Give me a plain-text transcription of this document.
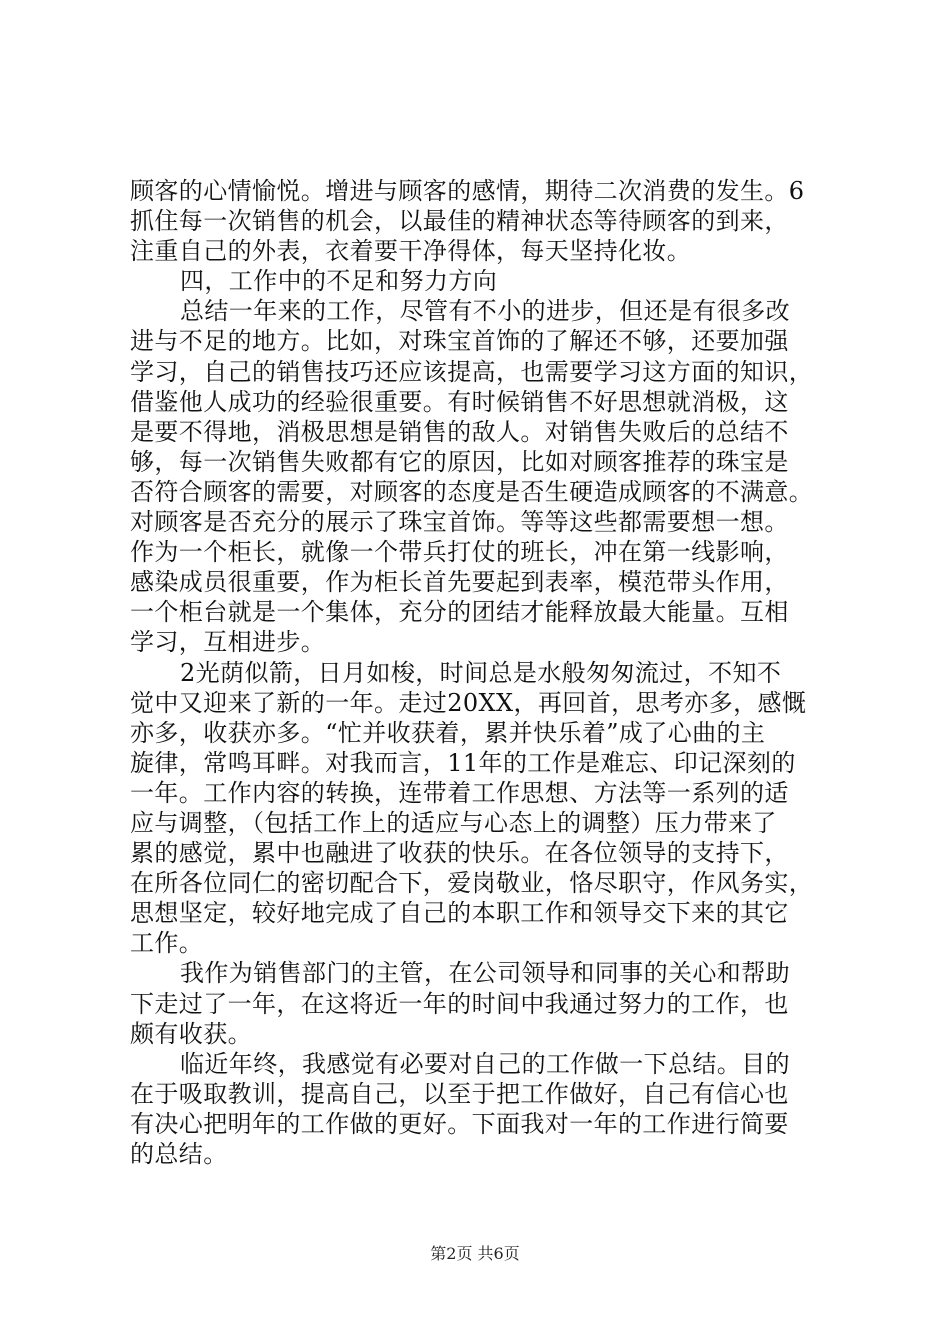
顾客的心情愉悦。增进与顾客的感情，期待二次消费的发生。6
抓住每一次销售的机会，以最佳的精神状态等待顾客的到来，
注重自己的外表，衣着要干净得体，每天坚持化妆。
四，工作中的不足和努力方向
总结一年来的工作，尽管有不小的进步，但还是有很多改
进与不足的地方。比如，对珠宝首饰的了解还不够，还要加强
学习，自己的销售技巧还应该提高，也需要学习这方面的知识，
借鉴他人成功的经验很重要。有时候销售不好思想就消极，这
是要不得地，消极思想是销售的敌人。对销售失败后的总结不
够，每一次销售失败都有它的原因，比如对顾客推荐的珠宝是
否符合顾客的需要，对顾客的态度是否生硬造成顾客的不满意。
对顾客是否充分的展示了珠宝首饰。等等这些都需要想一想。
作为一个柜长，就像一个带兵打仗的班长，冲在第一线影响，
感染成员很重要，作为柜长首先要起到表率，模范带头作用，
一个柜台就是一个集体，充分的团结才能释放最大能量。互相
学习，互相进步。
2光荫似箭，日月如梭，时间总是水般匆匆流过，不知不
觉中又迎来了新的一年。走过20XX，再回首，思考亦多，感慨
亦多，收获亦多。“忙并收获着，累并快乐着”成了心曲的主
旋律，常鸣耳畔。对我而言，11年的工作是难忘、印记深刻的
一年。工作内容的转换，连带着工作思想、方法等一系列的适
应与调整，（包括工作上的适应与心态上的调整）压力带来了
累的感觉，累中也融进了收获的快乐。在各位领导的支持下，
在所各位同仁的密切配合下，爱岗敬业，恪尽职守，作风务实，
思想坚定，较好地完成了自己的本职工作和领导交下来的其它
工作。
我作为销售部门的主管，在公司领导和同事的关心和帮助
下走过了一年，在这将近一年的时间中我通过努力的工作，也
颇有收获。
临近年终，我感觉有必要对自己的工作做一下总结。目的
在于吸取教训，提高自己，以至于把工作做好，自己有信心也
有决心把明年的工作做的更好。下面我对一年的工作进行简要
的总结。
第2页 共6页
